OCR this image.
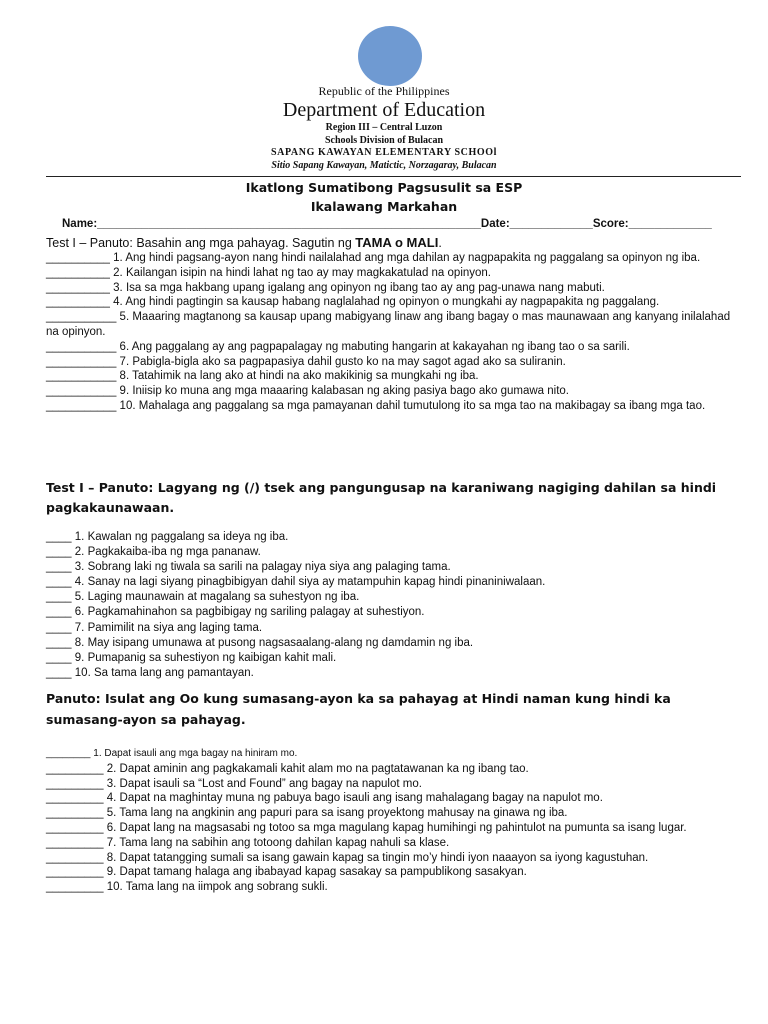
Republic of the Philippines
Department of Education
Region III – Central Luzon
Schools Division of Bulacan
SAPANG KAWAYAN ELEMENTARY SCHOOl
Sitio Sapang Kawayan, Matictic, Norzagaray, Bulacan
Ikatlong Sumatibong Pagsusulit sa ESP
Ikalawang Markahan
Name:____________________________________________________________Date:_____________Score:_____________
Test I – Panuto: Basahin ang mga pahayag. Sagutin ng TAMA o MALI.

__________ 1. Ang hindi pagsang-ayon nang hindi nailalahad ang mga dahilan ay nagpapakita ng paggalang sa opinyon ng iba.

__________ 2. Kailangan isipin na hindi lahat ng tao ay may magkakatulad na opinyon.

__________ 3. Isa sa mga hakbang upang igalang ang opinyon ng ibang tao ay ang pag-unawa nang mabuti.

__________ 4. Ang hindi pagtingin sa kausap habang naglalahad ng opinyon o mungkahi ay nagpapakita ng paggalang.

___________ 5. Maaaring magtanong sa kausap upang mabigyang linaw ang ibang bagay o mas maunawaan ang kanyang inilalahad na opinyon.

___________ 6. Ang paggalang ay ang pagpapalagay ng mabuting hangarin at kakayahan ng ibang tao o sa sarili.

___________ 7. Pabigla-bigla ako sa pagpapasiya dahil gusto ko na may sagot agad ako sa suliranin.

___________ 8. Tatahimik na lang ako at hindi na ako makikinig sa mungkahi ng iba.

___________ 9. Iniisip ko muna ang mga maaaring kalabasan ng aking pasiya bago ako gumawa nito.

___________ 10. Mahalaga ang paggalang sa mga pamayanan dahil tumutulong ito sa mga tao na makibagay sa ibang mga tao.

Test I – Panuto: Lagyang ng (/) tsek ang pangungusap na karaniwang nagiging dahilan sa hindi pagkakaunawaan.

____ 1. Kawalan ng paggalang sa ideya ng iba.

____ 2. Pagkakaiba-iba ng mga pananaw.

____ 3. Sobrang laki ng tiwala sa sarili na palagay niya siya ang palaging tama.

____ 4. Sanay na lagi siyang pinagbibigyan dahil siya ay matampuhin kapag hindi pinaniniwalaan.

____ 5. Laging maunawain at magalang sa suhestyon ng iba.

____ 6. Pagkamahinahon sa pagbibigay ng sariling palagay at suhestiyon.

____ 7. Pamimilit na siya ang laging tama.

____ 8. May isipang umunawa at pusong nagsasaalang-alang ng damdamin ng iba.

____ 9. Pumapanig sa suhestiyon ng kaibigan kahit mali.

____ 10. Sa tama lang ang pamantayan.

Panuto: Isulat ang Oo kung sumasang-ayon ka sa pahayag at Hindi naman kung hindi ka sumasang-ayon sa pahayag.

________ 1. Dapat isauli ang mga bagay na hiniram mo.

_________ 2. Dapat aminin ang pagkakamali kahit alam mo na pagtatawanan ka ng ibang tao.

_________ 3. Dapat isauli sa “Lost and Found” ang bagay na napulot mo.

_________ 4. Dapat na maghintay muna ng pabuya bago isauli ang isang mahalagang bagay na napulot mo.

_________ 5. Tama lang na angkinin ang papuri para sa isang proyektong mahusay na ginawa ng iba.

_________ 6. Dapat lang na magsasabi ng totoo sa mga magulang kapag humihingi ng pahintulot na pumunta sa isang lugar.

_________ 7. Tama lang na sabihin ang totoong dahilan kapag nahuli sa klase.

_________ 8. Dapat tatangging sumali sa isang gawain kapag sa tingin mo’y hindi iyon naaayon sa iyong kagustuhan.

_________ 9. Dapat tamang halaga ang ibabayad kapag sasakay sa pampublikong sasakyan.

_________ 10. Tama lang na iimpok ang sobrang sukli.
